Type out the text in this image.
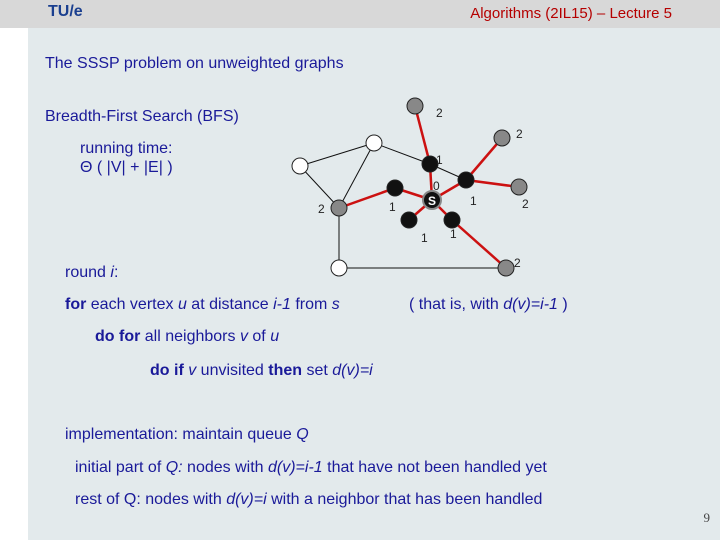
TU/e	Algorithms (2IL15) – Lecture 5
The SSSP problem on unweighted graphs
Breadth-First Search (BFS)
running time:
Θ ( |V| + |E| )
round i:
for each vertex u at distance i-1 from s	( that is, with d(v)=i-1 )
do for all neighbors v of u
do if v unvisited then set d(v)=i
implementation: maintain queue Q
initial part of Q: nodes with d(v)=i-1 that have not been handled yet
rest of Q: nodes with d(v)=i with a neighbor that has been handled
9
S
2
2
1
0
1	2
1
1 1
2
2
